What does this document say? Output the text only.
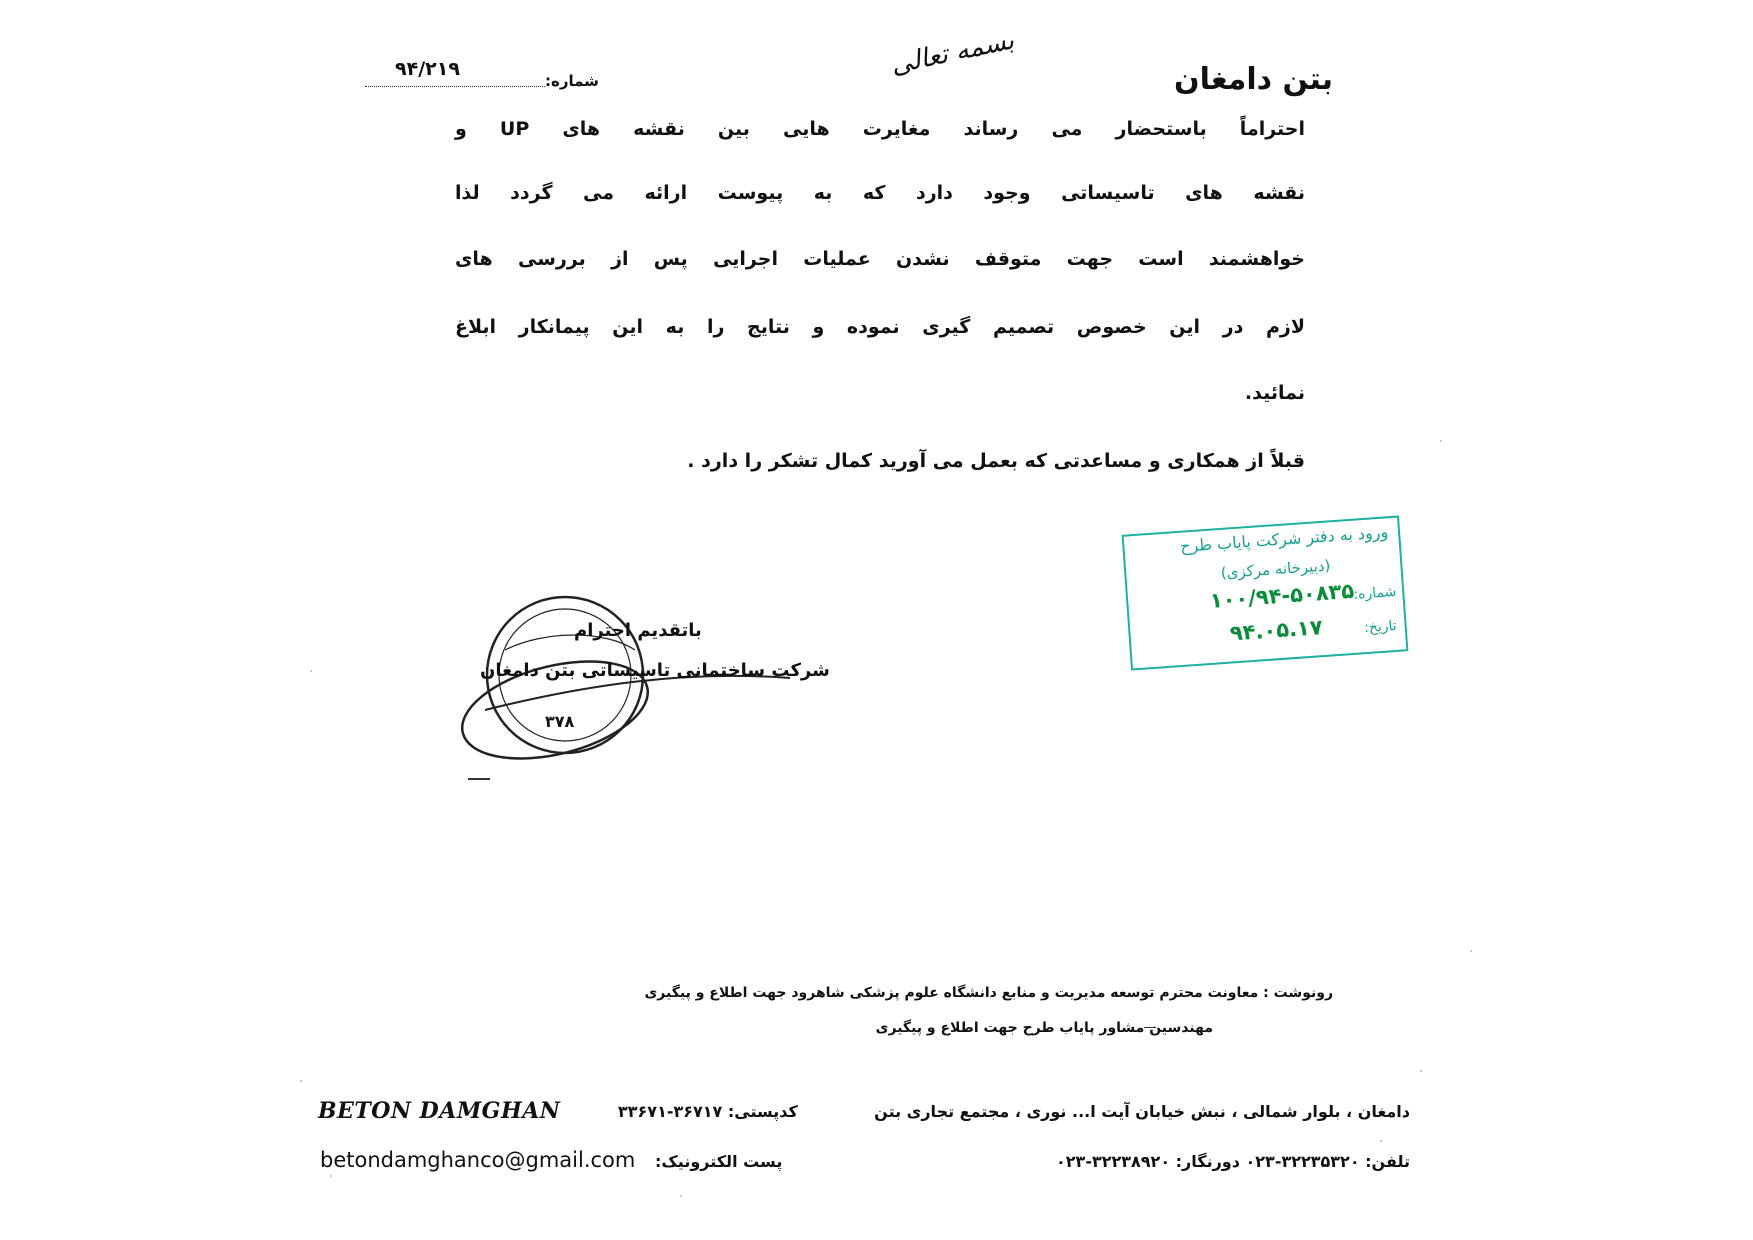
بتن دامغان
بسمه تعالی
شماره:
۹۴/۲۱۹
احتراماً باستحضار می رساند مغایرت هایی بین نقشه های UP و
نقشه های تاسیساتی وجود دارد که به پیوست ارائه می گردد لذا
خواهشمند است جهت متوقف نشدن عملیات اجرایی پس از بررسی های
لازم در این خصوص تصمیم گیری نموده و نتایج را به این پیمانکار ابلاغ
نمائید.
قبلاً از همکاری و مساعدتی که بعمل می آورید کمال تشکر را دارد .
ورود به دفتر شرکت پایاب طرح
(دبیرخانه مرکزی)
شماره:
۱۰۰/۹۴-۵۰۸۳۵
تاریخ:
۹۴.۰۵.۱۷
باتقدیم احترام
شرکت ساختمانی تاسیساتی بتن دامغان
۳۷۸
رونوشت : معاونت محترم توسعه مدیریت و منابع دانشگاه علوم پزشکی شاهرود جهت اطلاع و پیگیری
مهندسین مشاور پایاب طرح جهت اطلاع و پیگیری
BETON DAMGHAN	کدپستی: ۳۶۷۱۷-۳۳۶۷۱	دامغان ، بلوار شمالی ، نبش خیابان آیت ا... نوری ، مجتمع تجاری بتن
betondamghanco@gmail.com پست الکترونیک:	تلفن: ۳۲۲۳۵۳۲۰-۰۲۳ دورنگار: ۳۲۲۳۸۹۲۰-۰۲۳
